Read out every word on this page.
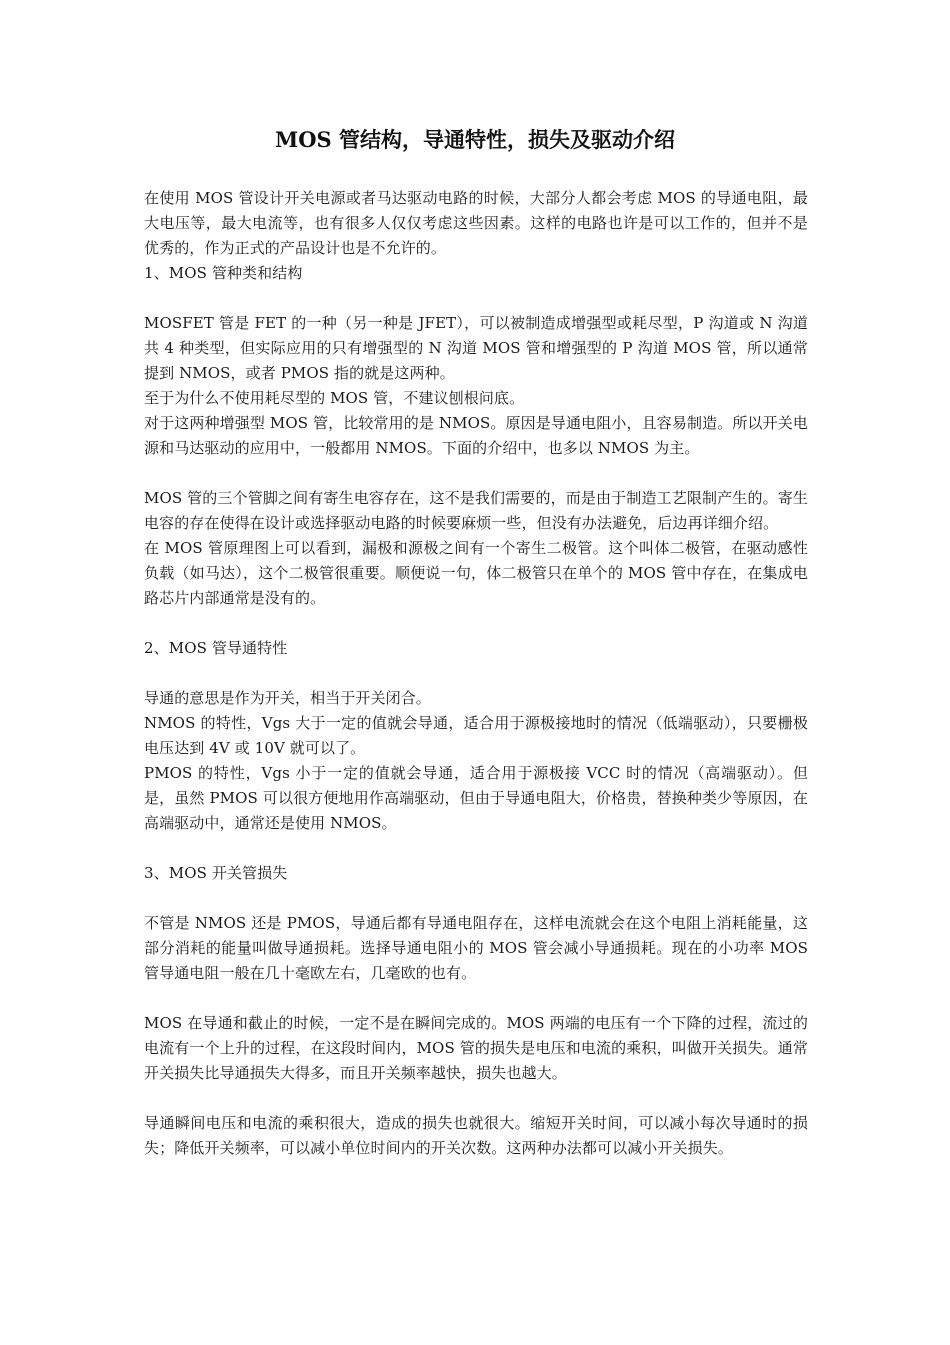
MOS 管结构，导通特性，损失及驱动介绍

在使用 MOS 管设计开关电源或者马达驱动电路的时候，大部分人都会考虑 MOS 的导通电阻，最大电压等，最大电流等，也有很多人仅仅考虑这些因素。这样的电路也许是可以工作的，但并不是优秀的，作为正式的产品设计也是不允许的。

1、MOS 管种类和结构

MOSFET 管是 FET 的一种（另一种是 JFET），可以被制造成增强型或耗尽型，P 沟道或 N 沟道共 4 种类型，但实际应用的只有增强型的 N 沟道 MOS 管和增强型的 P 沟道 MOS 管，所以通常提到 NMOS，或者 PMOS 指的就是这两种。

至于为什么不使用耗尽型的 MOS 管，不建议刨根问底。

对于这两种增强型 MOS 管，比较常用的是 NMOS。原因是导通电阻小，且容易制造。所以开关电源和马达驱动的应用中，一般都用 NMOS。下面的介绍中，也多以 NMOS 为主。

MOS 管的三个管脚之间有寄生电容存在，这不是我们需要的，而是由于制造工艺限制产生的。寄生电容的存在使得在设计或选择驱动电路的时候要麻烦一些，但没有办法避免，后边再详细介绍。

在 MOS 管原理图上可以看到，漏极和源极之间有一个寄生二极管。这个叫体二极管，在驱动感性负载（如马达），这个二极管很重要。顺便说一句，体二极管只在单个的 MOS 管中存在，在集成电路芯片内部通常是没有的。

2、MOS 管导通特性

导通的意思是作为开关，相当于开关闭合。

NMOS 的特性，Vgs 大于一定的值就会导通，适合用于源极接地时的情况（低端驱动），只要栅极电压达到 4V 或 10V 就可以了。

PMOS 的特性，Vgs 小于一定的值就会导通，适合用于源极接 VCC 时的情况（高端驱动）。但是，虽然 PMOS 可以很方便地用作高端驱动，但由于导通电阻大，价格贵，替换种类少等原因，在高端驱动中，通常还是使用 NMOS。

3、MOS 开关管损失

不管是 NMOS 还是 PMOS，导通后都有导通电阻存在，这样电流就会在这个电阻上消耗能量，这部分消耗的能量叫做导通损耗。选择导通电阻小的 MOS 管会减小导通损耗。现在的小功率 MOS 管导通电阻一般在几十毫欧左右，几毫欧的也有。

MOS 在导通和截止的时候，一定不是在瞬间完成的。MOS 两端的电压有一个下降的过程，流过的电流有一个上升的过程，在这段时间内，MOS 管的损失是电压和电流的乘积，叫做开关损失。通常开关损失比导通损失大得多，而且开关频率越快，损失也越大。

导通瞬间电压和电流的乘积很大，造成的损失也就很大。缩短开关时间，可以减小每次导通时的损失；降低开关频率，可以减小单位时间内的开关次数。这两种办法都可以减小开关损失。
